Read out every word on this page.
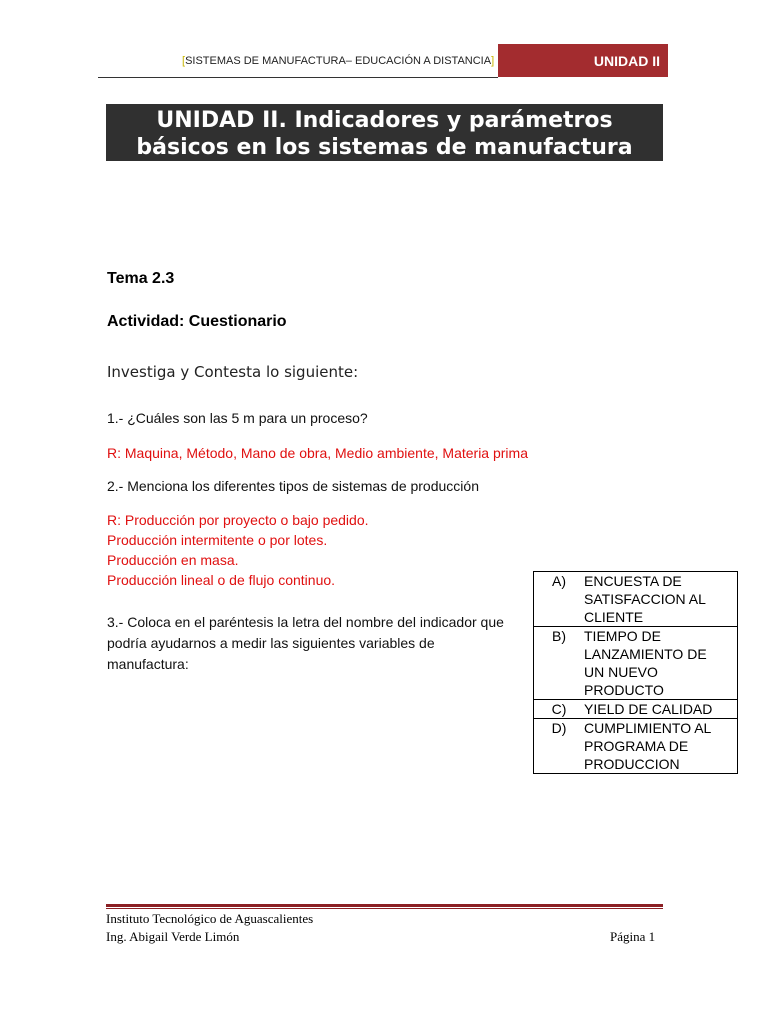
[SISTEMAS DE MANUFACTURA– EDUCACIÓN A DISTANCIA]	UNIDAD II
UNIDAD II. Indicadores y parámetros
básicos en los sistemas de manufactura
Tema 2.3
Actividad: Cuestionario
Investiga y Contesta lo siguiente:
1.- ¿Cuáles son las 5 m para un proceso?
R: Maquina, Método, Mano de obra, Medio ambiente, Materia prima
2.- Menciona los diferentes tipos de sistemas de producción
R: Producción por proyecto o bajo pedido.
Producción intermitente o por lotes.
Producción en masa.
Producción lineal o de flujo continuo.
3.- Coloca en el paréntesis la letra del nombre del indicador que podría ayudarnos a medir las siguientes variables de manufactura:
A)	ENCUESTA DE
SATISFACCION AL
CLIENTE
B)	TIEMPO DE
LANZAMIENTO DE
UN NUEVO
PRODUCTO
C)	YIELD DE CALIDAD
D)	CUMPLIMIENTO AL
PROGRAMA DE
PRODUCCION
Instituto Tecnológico de Aguascalientes
Ing. Abigail Verde Limón	Página 1
